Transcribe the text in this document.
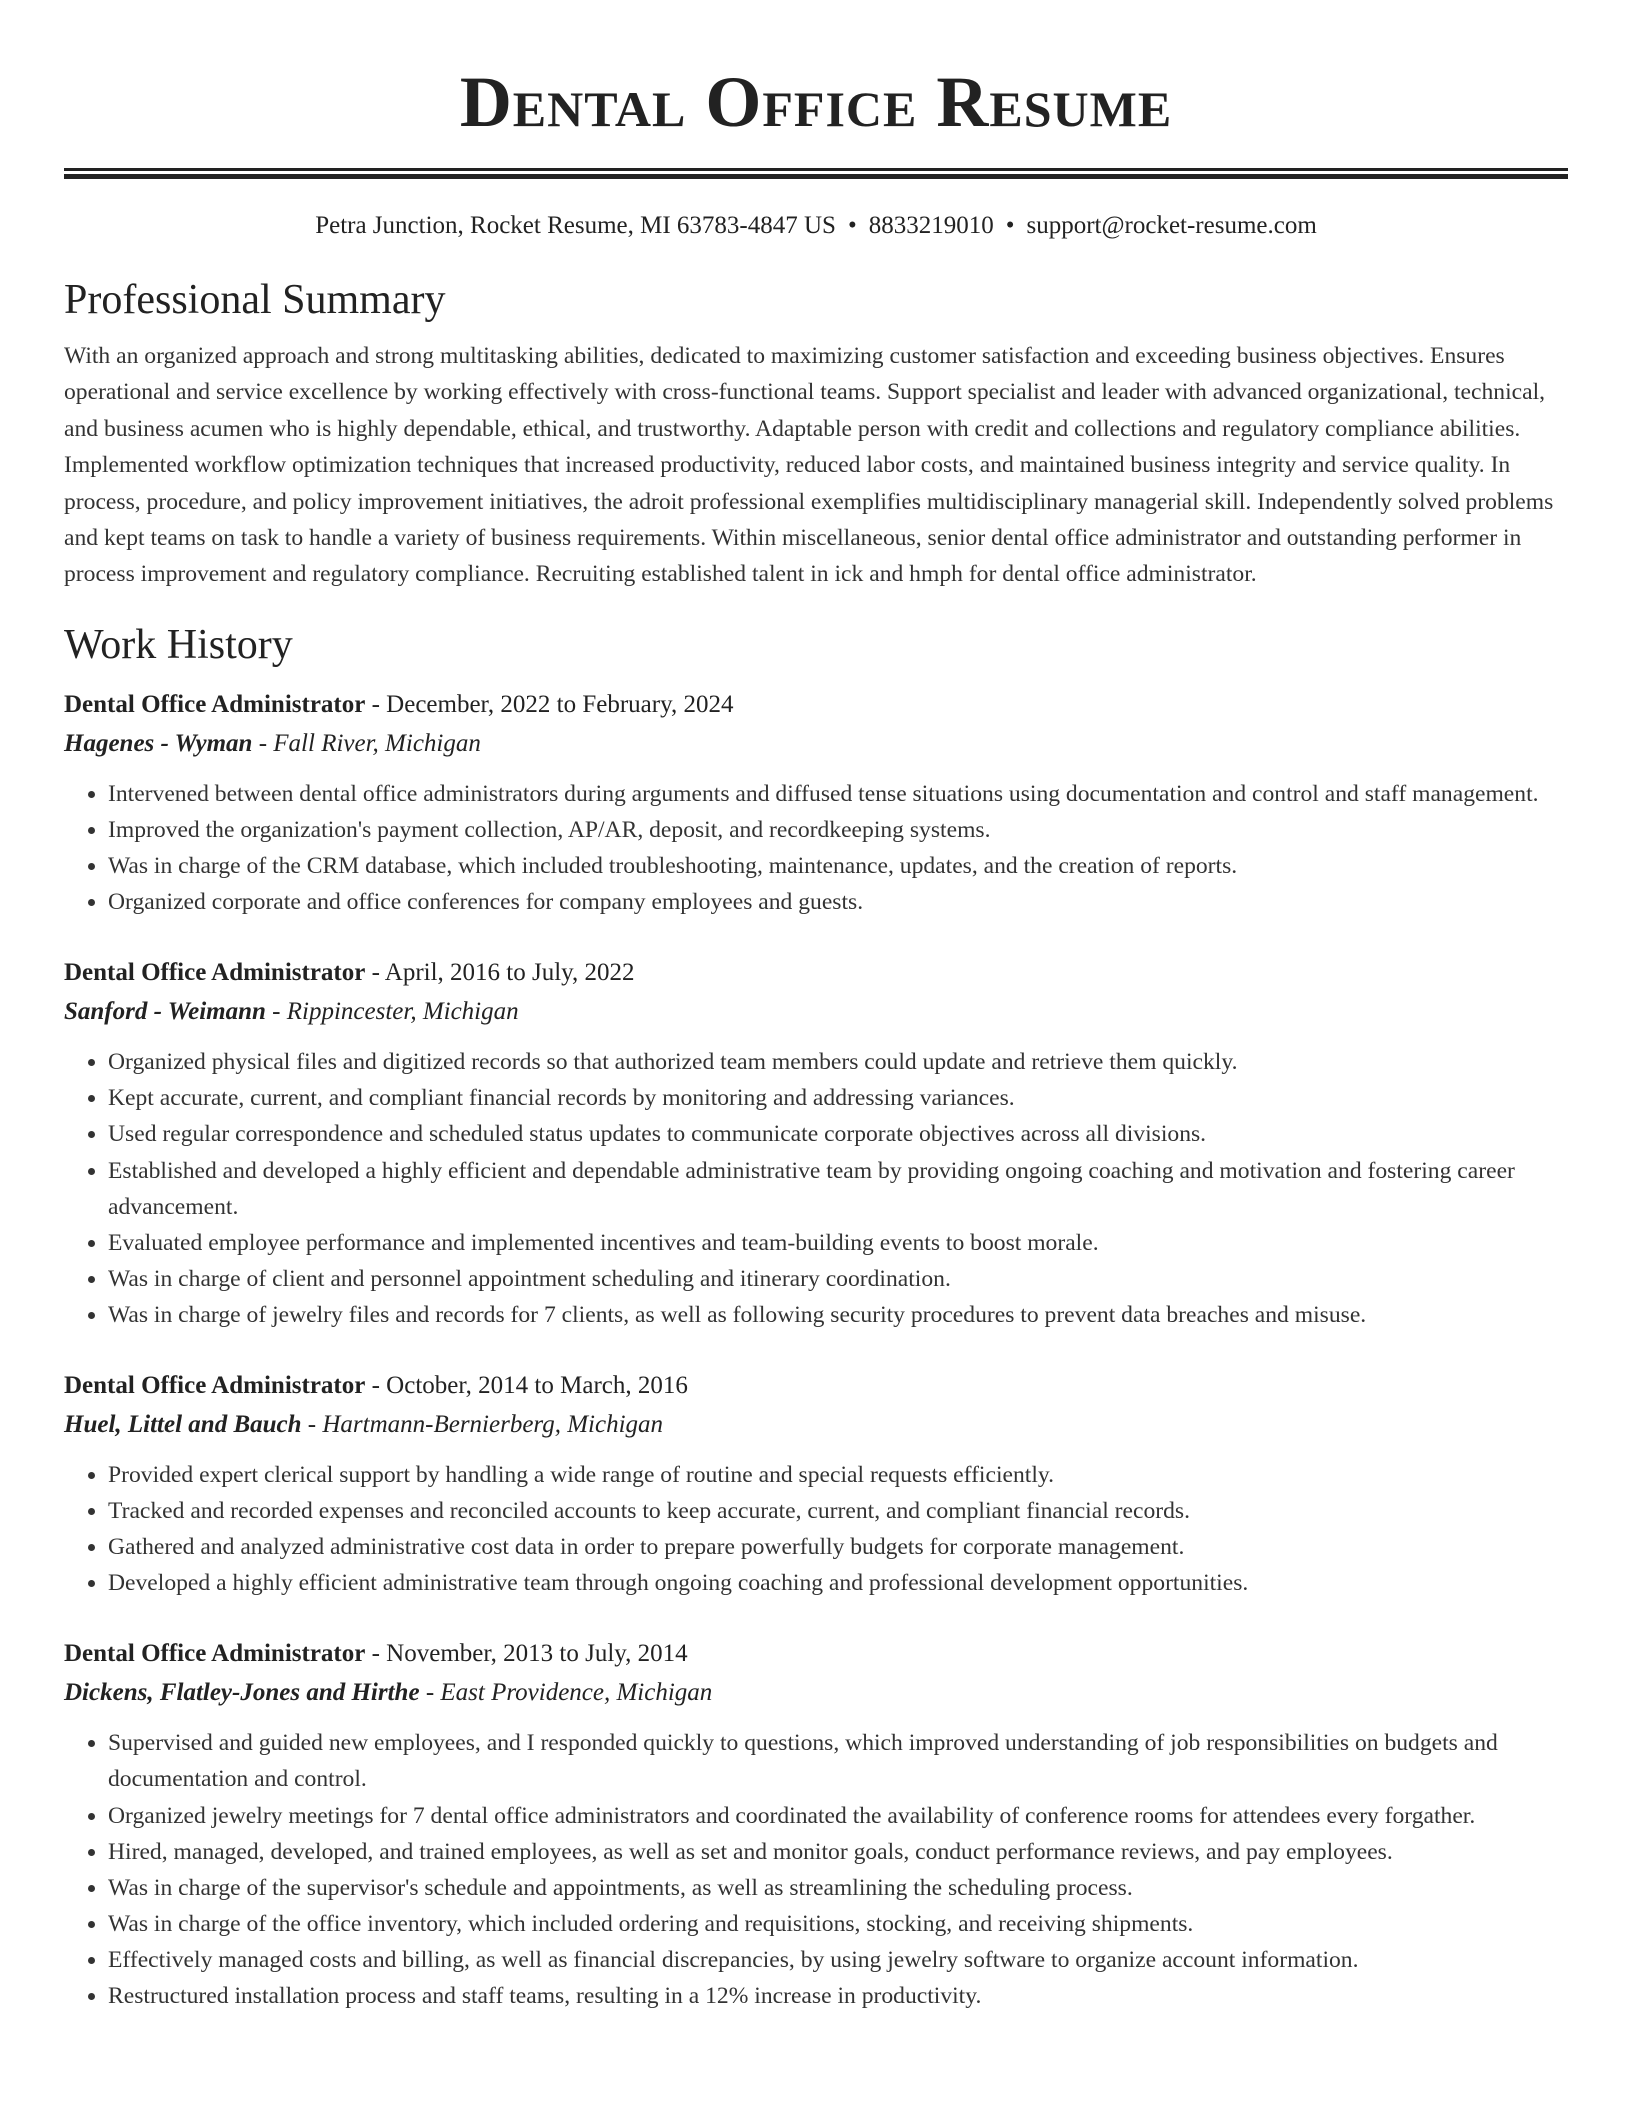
Dental Office Resume
Petra Junction, Rocket Resume, MI 63783-4847 US • 8833219010 • support@rocket-resume.com
Professional Summary

With an organized approach and strong multitasking abilities, dedicated to maximizing customer satisfaction and exceeding business objectives. Ensures operational and service excellence by working effectively with cross-functional teams. Support specialist and leader with advanced organizational, technical, and business acumen who is highly dependable, ethical, and trustworthy. Adaptable person with credit and collections and regulatory compliance abilities. Implemented workflow optimization techniques that increased productivity, reduced labor costs, and maintained business integrity and service quality. In process, procedure, and policy improvement initiatives, the adroit professional exemplifies multidisciplinary managerial skill. Independently solved problems and kept teams on task to handle a variety of business requirements. Within miscellaneous, senior dental office administrator and outstanding performer in process improvement and regulatory compliance. Recruiting established talent in ick and hmph for dental office administrator.

Work History
Dental Office Administrator - December, 2022 to February, 2024
Hagenes - Wyman - Fall River, Michigan
• Intervened between dental office administrators during arguments and diffused tense situations using documentation and control and staff management.
• Improved the organization's payment collection, AP/AR, deposit, and recordkeeping systems.
• Was in charge of the CRM database, which included troubleshooting, maintenance, updates, and the creation of reports.
• Organized corporate and office conferences for company employees and guests.
Dental Office Administrator - April, 2016 to July, 2022
Sanford - Weimann - Rippincester, Michigan
• Organized physical files and digitized records so that authorized team members could update and retrieve them quickly.
• Kept accurate, current, and compliant financial records by monitoring and addressing variances.
• Used regular correspondence and scheduled status updates to communicate corporate objectives across all divisions.
• Established and developed a highly efficient and dependable administrative team by providing ongoing coaching and motivation and fostering career advancement.
• Evaluated employee performance and implemented incentives and team-building events to boost morale.
• Was in charge of client and personnel appointment scheduling and itinerary coordination.
• Was in charge of jewelry files and records for 7 clients, as well as following security procedures to prevent data breaches and misuse.
Dental Office Administrator - October, 2014 to March, 2016
Huel, Littel and Bauch - Hartmann-Bernierberg, Michigan
• Provided expert clerical support by handling a wide range of routine and special requests efficiently.
• Tracked and recorded expenses and reconciled accounts to keep accurate, current, and compliant financial records.
• Gathered and analyzed administrative cost data in order to prepare powerfully budgets for corporate management.
• Developed a highly efficient administrative team through ongoing coaching and professional development opportunities.
Dental Office Administrator - November, 2013 to July, 2014
Dickens, Flatley-Jones and Hirthe - East Providence, Michigan
• Supervised and guided new employees, and I responded quickly to questions, which improved understanding of job responsibilities on budgets and documentation and control.
• Organized jewelry meetings for 7 dental office administrators and coordinated the availability of conference rooms for attendees every forgather.
• Hired, managed, developed, and trained employees, as well as set and monitor goals, conduct performance reviews, and pay employees.
• Was in charge of the supervisor's schedule and appointments, as well as streamlining the scheduling process.
• Was in charge of the office inventory, which included ordering and requisitions, stocking, and receiving shipments.
• Effectively managed costs and billing, as well as financial discrepancies, by using jewelry software to organize account information.
• Restructured installation process and staff teams, resulting in a 12% increase in productivity.
